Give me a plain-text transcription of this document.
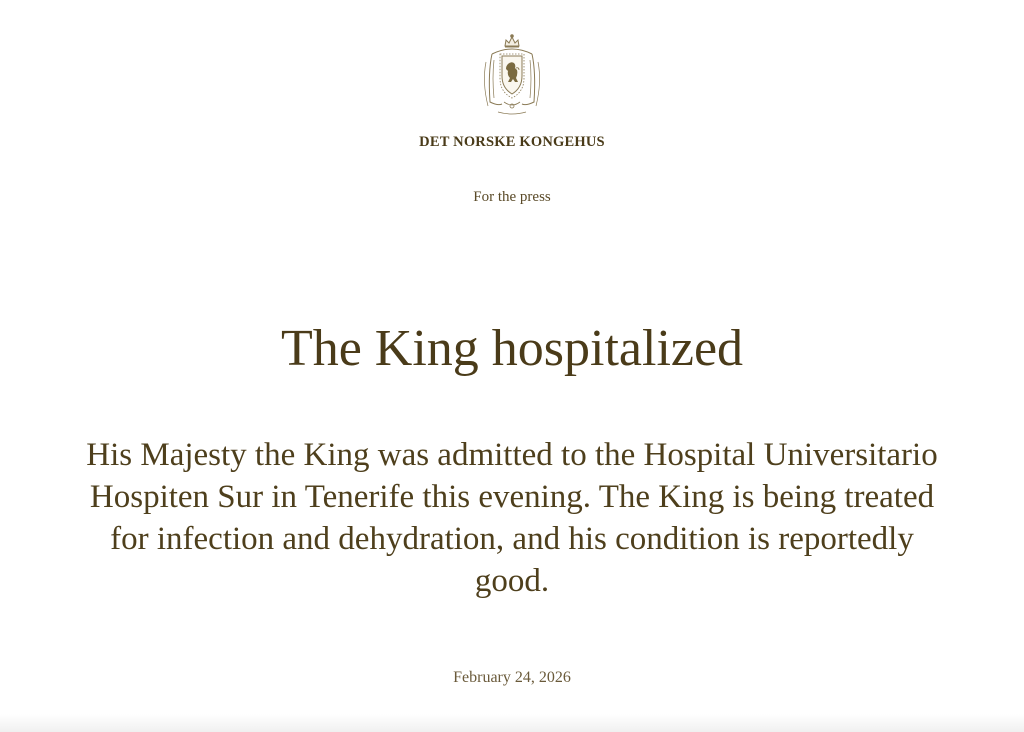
DET NORSKE KONGEHUS
For the press
The King hospitalized

His Majesty the King was admitted to the Hospital Universitario Hospiten Sur in Tenerife this evening. The King is being treated for infection and dehydration, and his condition is reportedly good.

February 24, 2026
